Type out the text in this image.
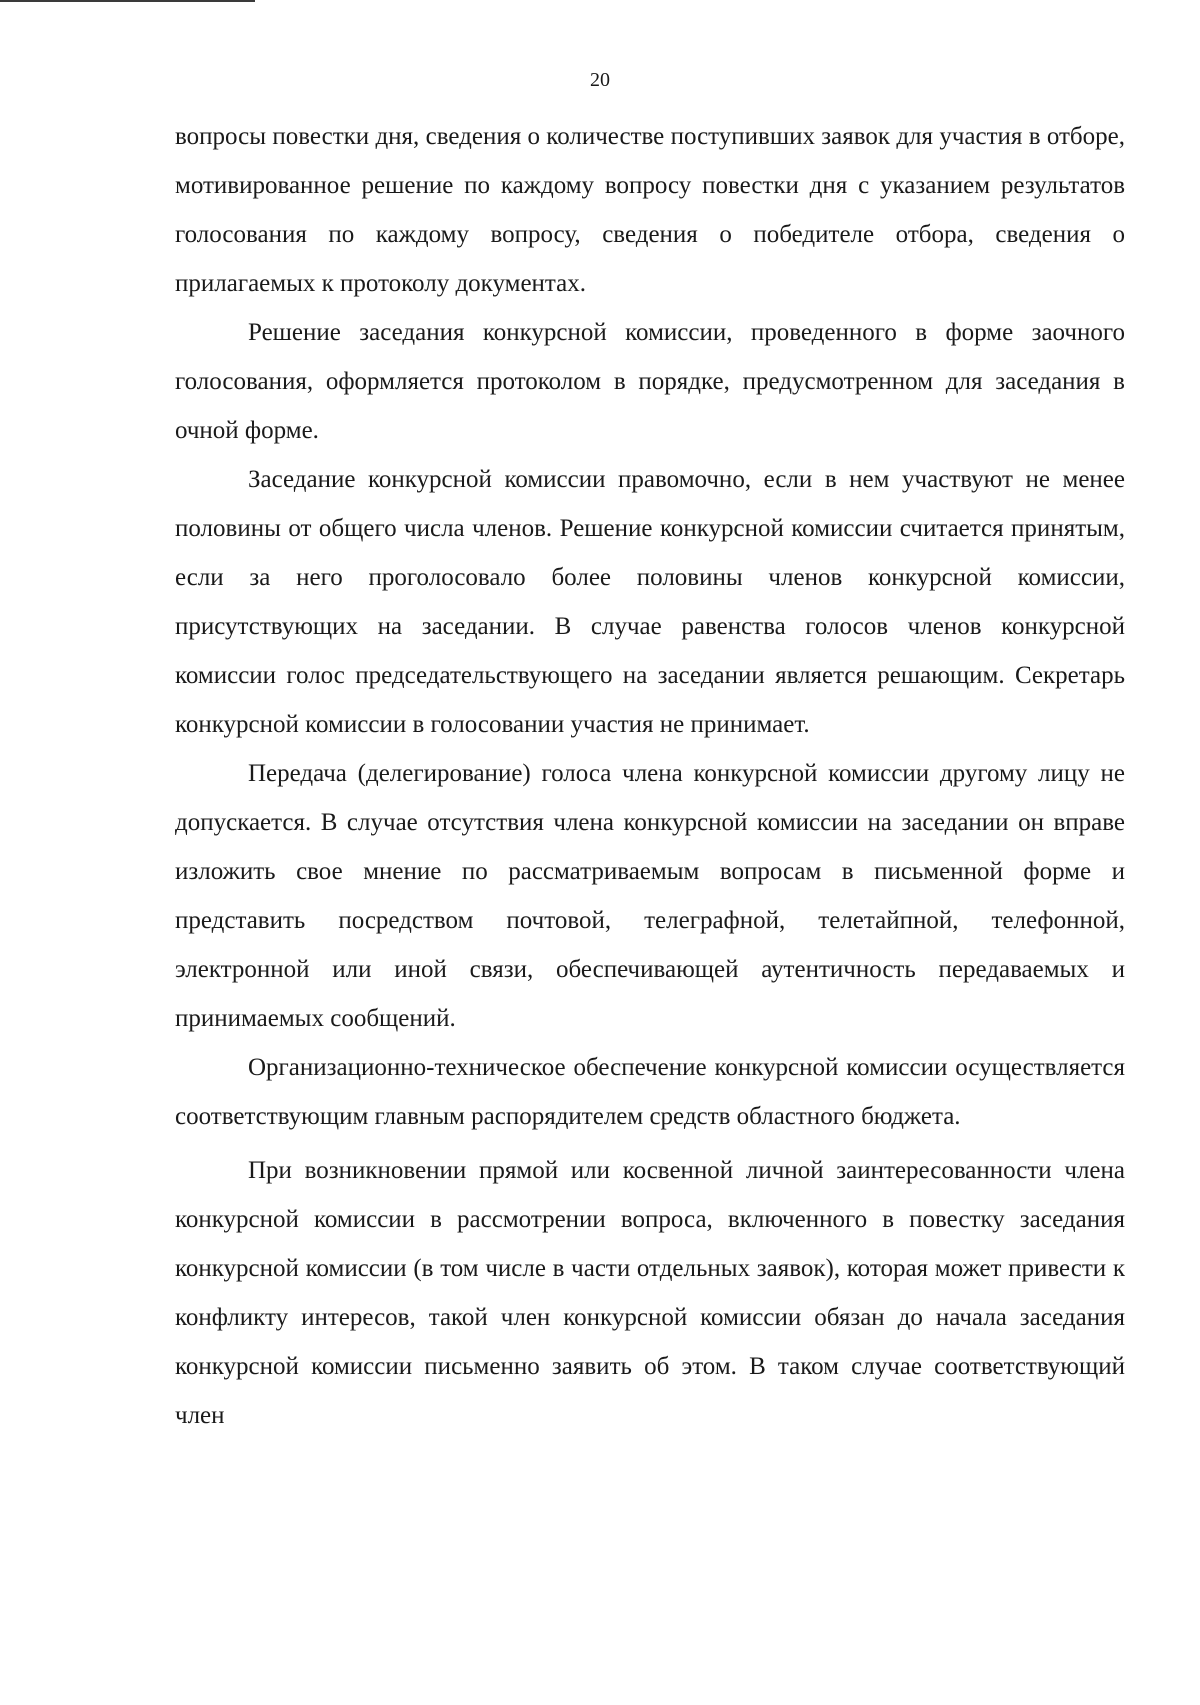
20

вопросы повестки дня, сведения о количестве поступивших заявок для участия в отборе, мотивированное решение по каждому вопросу повестки дня с указанием результатов голосования по каждому вопросу, сведения о победителе отбора, сведения о прилагаемых к протоколу документах.

Решение заседания конкурсной комиссии, проведенного в форме заочного голосования, оформляется протоколом в порядке, предусмотренном для заседания в очной форме.

Заседание конкурсной комиссии правомочно, если в нем участвуют не менее половины от общего числа членов. Решение конкурсной комиссии считается принятым, если за него проголосовало более половины членов конкурсной комиссии, присутствующих на заседании. В случае равенства голосов членов конкурсной комиссии голос председательствующего на заседании является решающим. Секретарь конкурсной комиссии в голосовании участия не принимает.

Передача (делегирование) голоса члена конкурсной комиссии другому лицу не допускается. В случае отсутствия члена конкурсной комиссии на заседании он вправе изложить свое мнение по рассматриваемым вопросам в письменной форме и представить посредством почтовой, телеграфной, телетайпной, телефонной, электронной или иной связи, обеспечивающей аутентичность передаваемых и принимаемых сообщений.

Организационно-техническое обеспечение конкурсной комиссии осуществляется соответствующим главным распорядителем средств областного бюджета.

При возникновении прямой или косвенной личной заинтересованности члена конкурсной комиссии в рассмотрении вопроса, включенного в повестку заседания конкурсной комиссии (в том числе в части отдельных заявок), которая может привести к конфликту интересов, такой член конкурсной комиссии обязан до начала заседания конкурсной комиссии письменно заявить об этом. В таком случае соответствующий член
